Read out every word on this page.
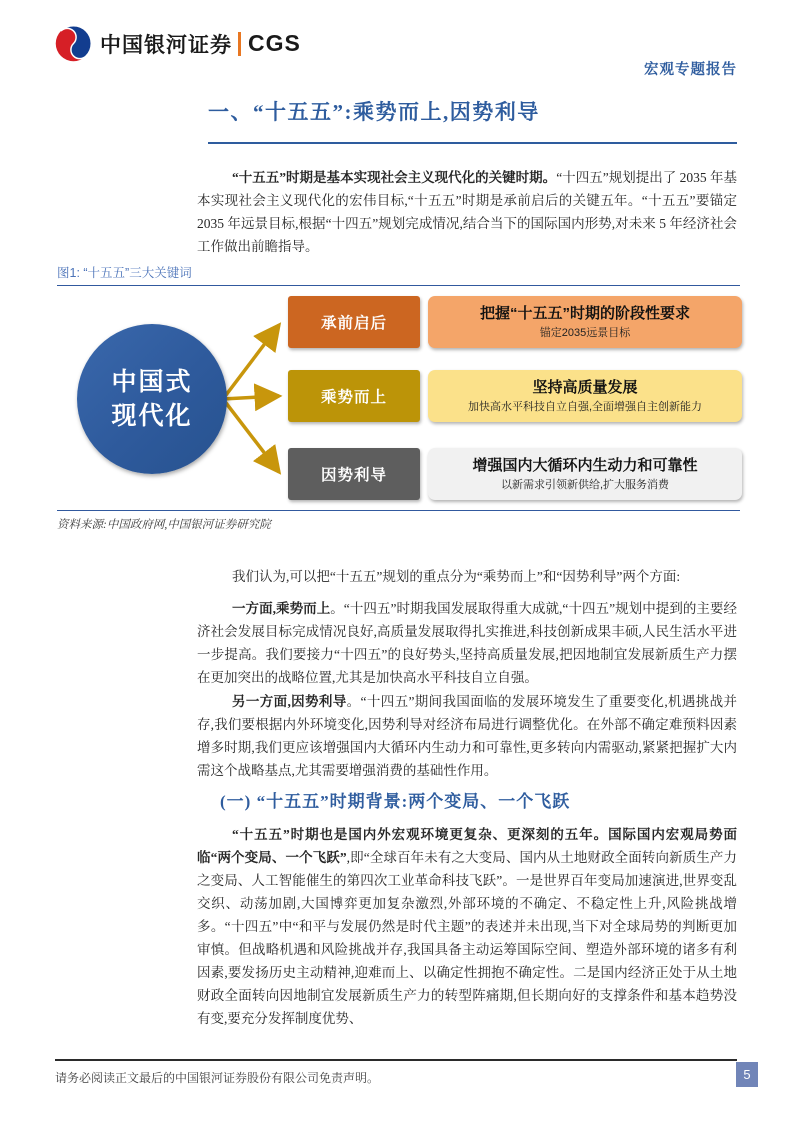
中国银河证券 CGS
宏观专题报告
一、“十五五”:乘势而上,因势利导

“十五五”时期是基本实现社会主义现代化的关键时期。“十四五”规划提出了 2035 年基本实现社会主义现代化的宏伟目标,“十五五”时期是承前启后的关键五年。“十五五”要锚定 2035 年远景目标,根据“十四五”规划完成情况,结合当下的国际国内形势,对未来 5 年经济社会工作做出前瞻指导。

图1: “十五五”三大关键词
中国式
现代化
承前启后
乘势而上
因势利导
把握“十五五”时期的阶段性要求
锚定2035远景目标
坚持高质量发展
加快高水平科技自立自强,全面增强自主创新能力
增强国内大循环内生动力和可靠性
以新需求引领新供给,扩大服务消费
资料来源:中国政府网,中国银河证券研究院

我们认为,可以把“十五五”规划的重点分为“乘势而上”和“因势利导”两个方面:

一方面,乘势而上。“十四五”时期我国发展取得重大成就,“十四五”规划中提到的主要经济社会发展目标完成情况良好,高质量发展取得扎实推进,科技创新成果丰硕,人民生活水平进一步提高。我们要接力“十四五”的良好势头,坚持高质量发展,把因地制宜发展新质生产力摆在更加突出的战略位置,尤其是加快高水平科技自立自强。

另一方面,因势利导。“十四五”期间我国面临的发展环境发生了重要变化,机遇挑战并存,我们要根据内外环境变化,因势利导对经济布局进行调整优化。在外部不确定难预料因素增多时期,我们更应该增强国内大循环内生动力和可靠性,更多转向内需驱动,紧紧把握扩大内需这个战略基点,尤其需要增强消费的基础性作用。

(一) “十五五”时期背景:两个变局、一个飞跃

“十五五”时期也是国内外宏观环境更复杂、更深刻的五年。国际国内宏观局势面临“两个变局、一个飞跃”,即“全球百年未有之大变局、国内从土地财政全面转向新质生产力之变局、人工智能催生的第四次工业革命科技飞跃”。一是世界百年变局加速演进,世界变乱交织、动荡加剧,大国博弈更加复杂激烈,外部环境的不确定、不稳定性上升,风险挑战增多。“十四五”中“和平与发展仍然是时代主题”的表述并未出现,当下对全球局势的判断更加审慎。但战略机遇和风险挑战并存,我国具备主动运筹国际空间、塑造外部环境的诸多有利因素,要发扬历史主动精神,迎难而上、以确定性拥抱不确定性。二是国内经济正处于从土地财政全面转向因地制宜发展新质生产力的转型阵痛期,但长期向好的支撑条件和基本趋势没有变,要充分发挥制度优势、

请务必阅读正文最后的中国银河证券股份有限公司免责声明。	5
